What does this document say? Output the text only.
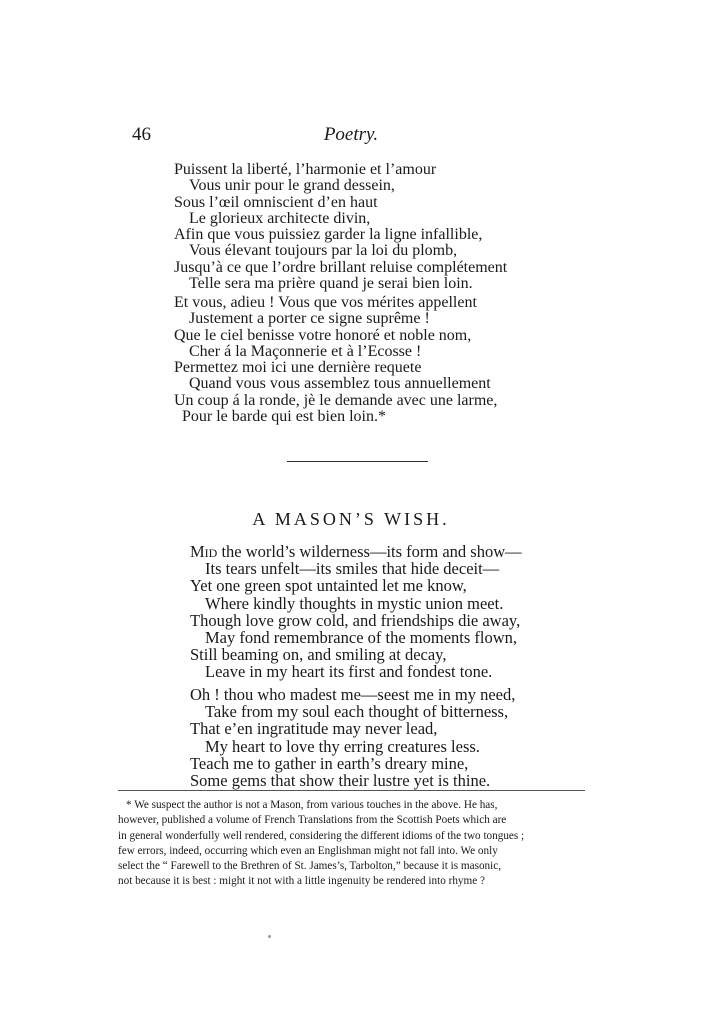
46	Poetry.
Puissent la liberté, l’harmonie et l’amour
Vous unir pour le grand dessein,
Sous l’œil omniscient d’en haut
Le glorieux architecte divin,
Afin que vous puissiez garder la ligne infallible,
Vous élevant toujours par la loi du plomb,
Jusqu’à ce que l’ordre brillant reluise complétement
Telle sera ma prière quand je serai bien loin.
Et vous, adieu ! Vous que vos mérites appellent
Justement a porter ce signe suprême !
Que le ciel benisse votre honoré et noble nom,
Cher á la Maçonnerie et à l’Ecosse !
Permettez moi ici une dernière requete
Quand vous vous assemblez tous annuellement
Un coup á la ronde, jè le demande avec une larme,
Pour le barde qui est bien loin.*
A MASON’S WISH.
Mid the world’s wilderness—its form and show—
Its tears unfelt—its smiles that hide deceit—
Yet one green spot untainted let me know,
Where kindly thoughts in mystic union meet.
Though love grow cold, and friendships die away,
May fond remembrance of the moments flown,
Still beaming on, and smiling at decay,
Leave in my heart its first and fondest tone.
Oh ! thou who madest me—seest me in my need,
Take from my soul each thought of bitterness,
That e’en ingratitude may never lead,
My heart to love thy erring creatures less.
Teach me to gather in earth’s dreary mine,
Some gems that show their lustre yet is thine.
* We suspect the author is not a Mason, from various touches in the above. He has,
however, published a volume of French Translations from the Scottish Poets which are
in general wonderfully well rendered, considering the different idioms of the two tongues ;
few errors, indeed, occurring which even an Englishman might not fall into. We only
select the “ Farewell to the Brethren of St. James’s, Tarbolton,” because it is masonic,
not because it is best : might it not with a little ingenuity be rendered into rhyme ?
